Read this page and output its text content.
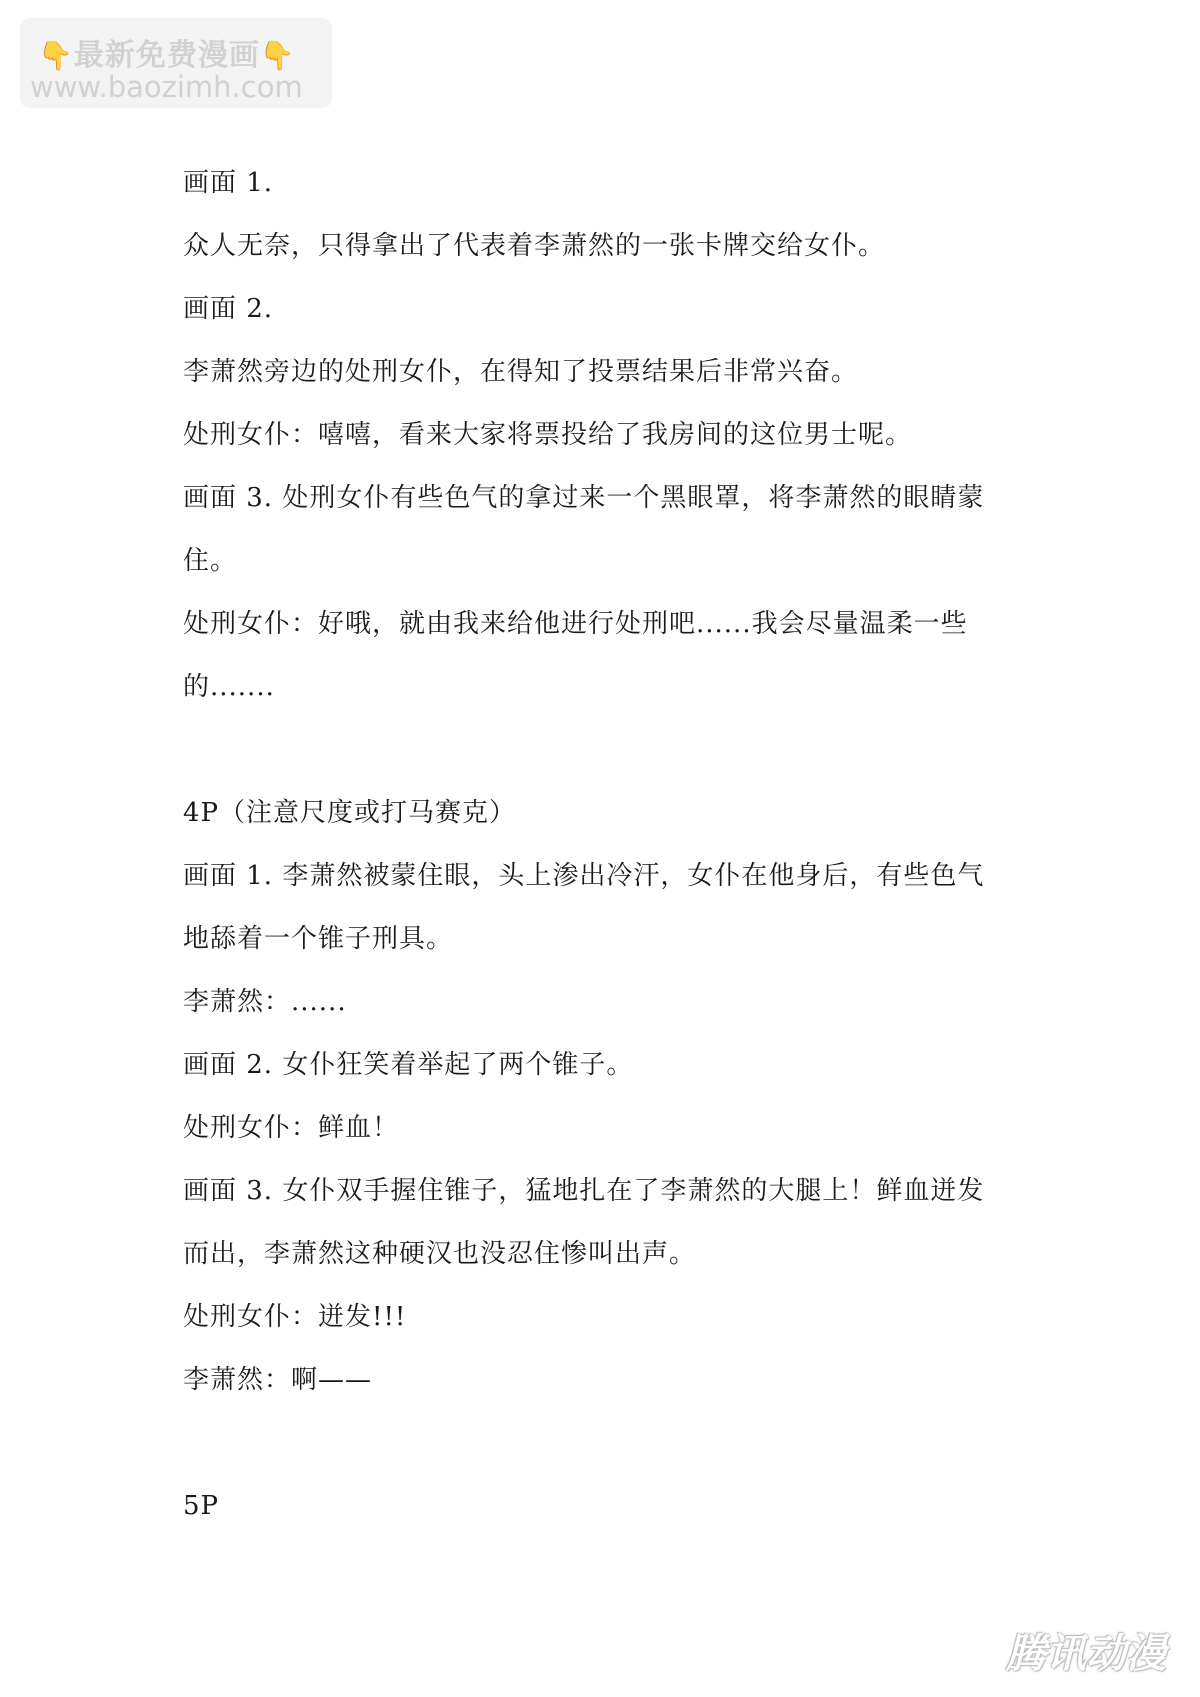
👇最新免费漫画👇
www.baozimh.com
画面 1.
众人无奈，只得拿出了代表着李萧然的一张卡牌交给女仆。
画面 2.
李萧然旁边的处刑女仆，在得知了投票结果后非常兴奋。
处刑女仆：嘻嘻，看来大家将票投给了我房间的这位男士呢。
画面 3. 处刑女仆有些色气的拿过来一个黑眼罩，将李萧然的眼睛蒙
住。
处刑女仆：好哦，就由我来给他进行处刑吧......我会尽量温柔一些
的.......
4P（注意尺度或打马赛克）
画面 1. 李萧然被蒙住眼，头上渗出冷汗，女仆在他身后，有些色气
地舔着一个锥子刑具。
李萧然：......
画面 2. 女仆狂笑着举起了两个锥子。
处刑女仆：鲜血！
画面 3. 女仆双手握住锥子，猛地扎在了李萧然的大腿上！鲜血迸发
而出，李萧然这种硬汉也没忍住惨叫出声。
处刑女仆：迸发!!!
李萧然：啊——
5P
腾讯动漫
